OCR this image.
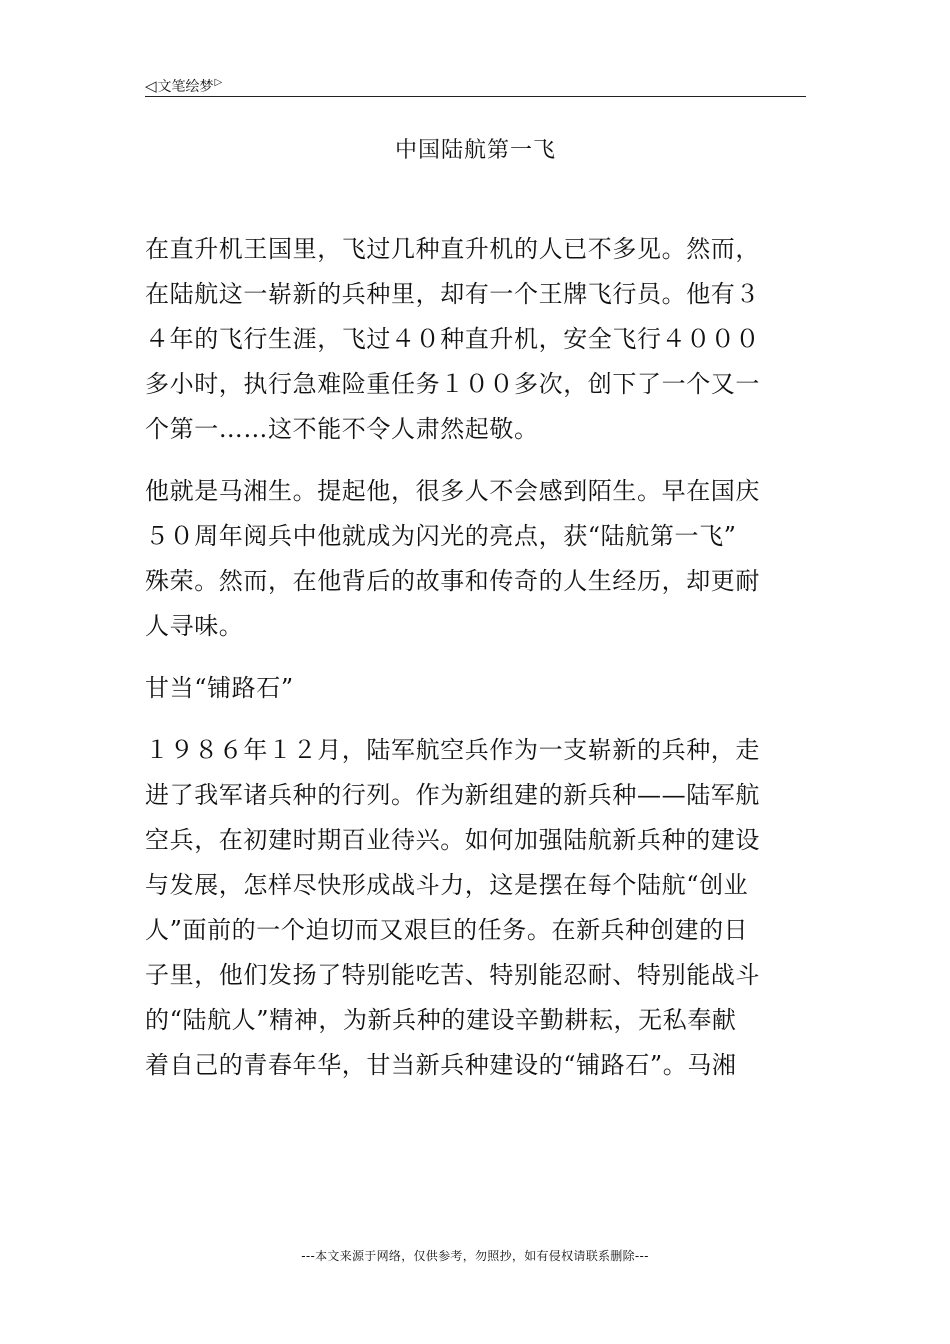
◁ 文笔绘梦 ▷
中国陆航第一飞
在直升机王国里，飞过几种直升机的人已不多见。然而，
在陆航这一崭新的兵种里，却有一个王牌飞行员。他有３
４年的飞行生涯，飞过４０种直升机，安全飞行４０００
多小时，执行急难险重任务１００多次，创下了一个又一
个第一……这不能不令人肃然起敬。
他就是马湘生。提起他，很多人不会感到陌生。早在国庆
５０周年阅兵中他就成为闪光的亮点，获“陆航第一飞”
殊荣。然而，在他背后的故事和传奇的人生经历，却更耐
人寻味。
甘当“铺路石”
１９８６年１２月，陆军航空兵作为一支崭新的兵种，走
进了我军诸兵种的行列。作为新组建的新兵种——陆军航
空兵，在初建时期百业待兴。如何加强陆航新兵种的建设
与发展，怎样尽快形成战斗力，这是摆在每个陆航“创业
人”面前的一个迫切而又艰巨的任务。在新兵种创建的日
子里，他们发扬了特别能吃苦、特别能忍耐、特别能战斗
的“陆航人”精神，为新兵种的建设辛勤耕耘，无私奉献
着自己的青春年华，甘当新兵种建设的“铺路石”。马湘
---本文来源于网络，仅供参考，勿照抄，如有侵权请联系删除---
